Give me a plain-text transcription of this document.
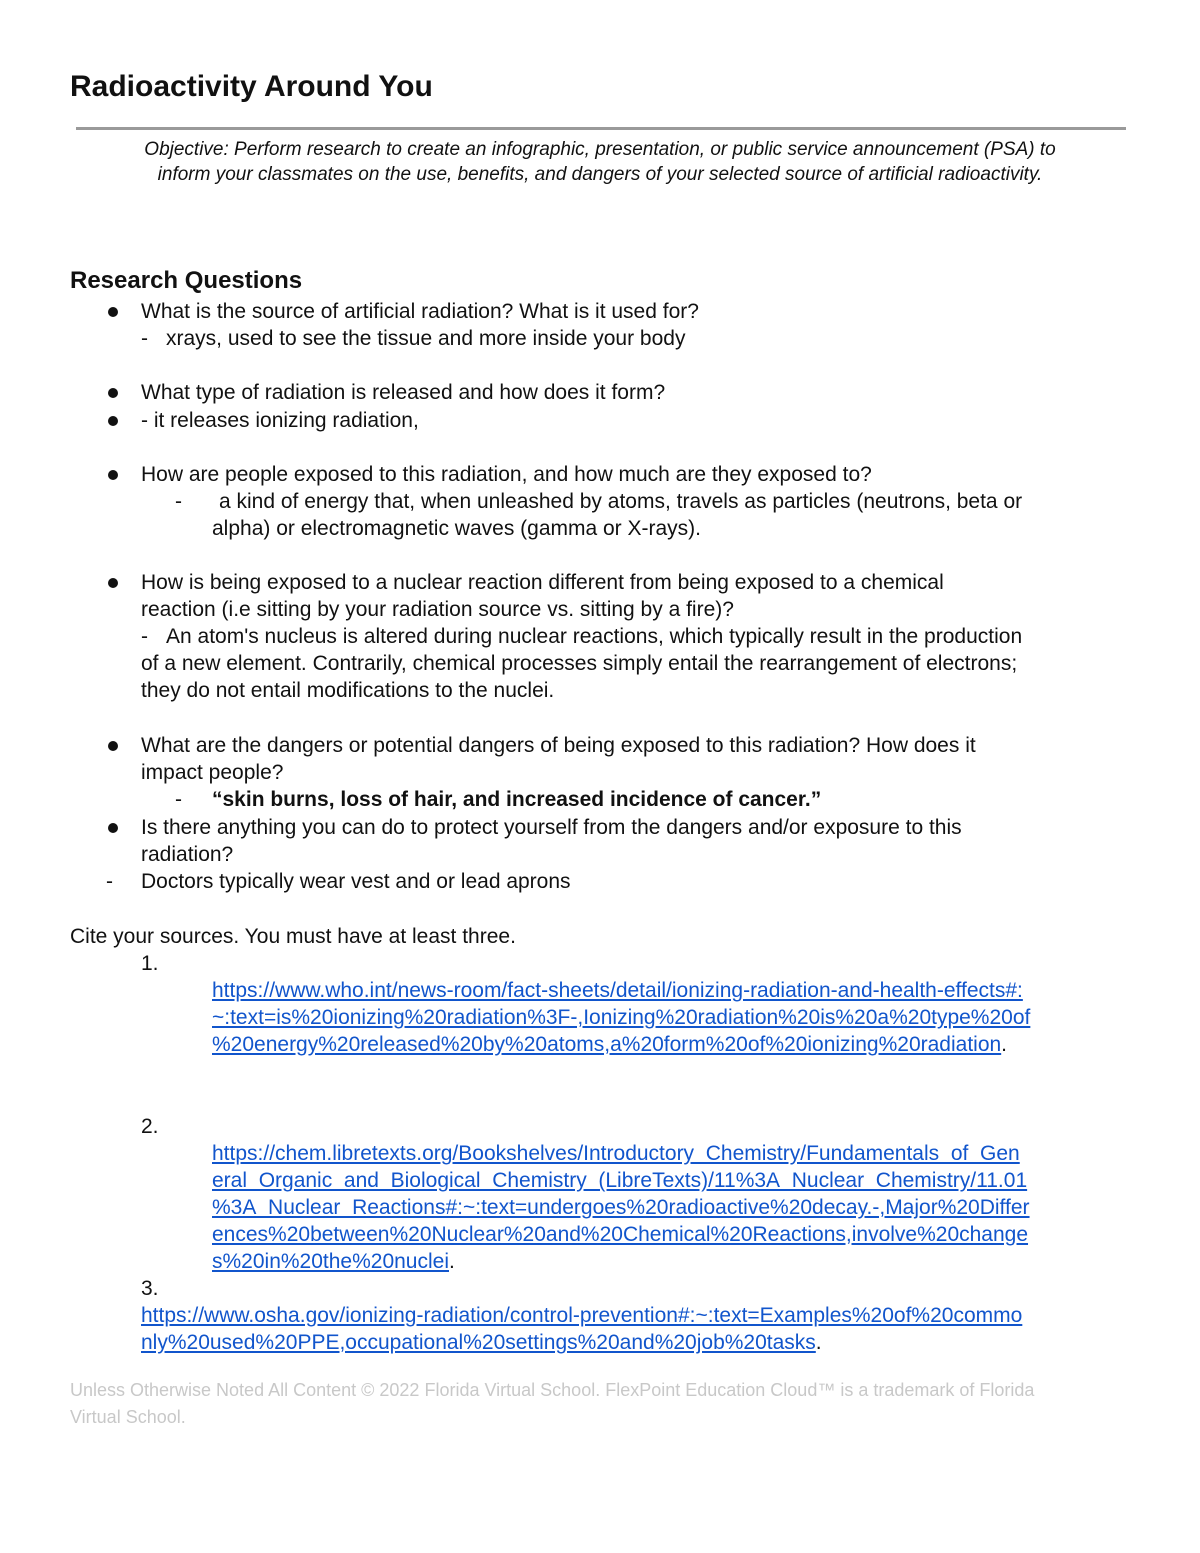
Radioactivity Around You
Objective: Perform research to create an infographic, presentation, or public service announcement (PSA) to
inform your classmates on the use, benefits, and dangers of your selected source of artificial radioactivity.
Research Questions

What is the source of artificial radiation? What is it used for?

- xrays, used to see the tissue and more inside your body

What type of radiation is released and how does it form?

- it releases ionizing radiation,

How are people exposed to this radiation, and how much are they exposed to?

- a kind of energy that, when unleashed by atoms, travels as particles (neutrons, beta or

alpha) or electromagnetic waves (gamma or X-rays).

How is being exposed to a nuclear reaction different from being exposed to a chemical

reaction (i.e sitting by your radiation source vs. sitting by a fire)?

- An atom's nucleus is altered during nuclear reactions, which typically result in the production

of a new element. Contrarily, chemical processes simply entail the rearrangement of electrons;

they do not entail modifications to the nuclei.

What are the dangers or potential dangers of being exposed to this radiation? How does it

impact people?

- “skin burns, loss of hair, and increased incidence of cancer.”

Is there anything you can do to protect yourself from the dangers and/or exposure to this

radiation?

- Doctors typically wear vest and or lead aprons

Cite your sources. You must have at least three.

1.

https://www.who.int/news-room/fact-sheets/detail/ionizing-radiation-and-health-effects#:
~:text=is%20ionizing%20radiation%3F-,Ionizing%20radiation%20is%20a%20type%20of
%20energy%20released%20by%20atoms,a%20form%20of%20ionizing%20radiation.

2.

https://chem.libretexts.org/Bookshelves/Introductory_Chemistry/Fundamentals_of_Gen
eral_Organic_and_Biological_Chemistry_(LibreTexts)/11%3A_Nuclear_Chemistry/11.01
%3A_Nuclear_Reactions#:~:text=undergoes%20radioactive%20decay.-,Major%20Differ
ences%20between%20Nuclear%20and%20Chemical%20Reactions,involve%20change
s%20in%20the%20nuclei.

3.

https://www.osha.gov/ionizing-radiation/control-prevention#:~:text=Examples%20of%20commo
nly%20used%20PPE,occupational%20settings%20and%20job%20tasks.
Unless Otherwise Noted All Content © 2022 Florida Virtual School. FlexPoint Education Cloud™ is a trademark of Florida
Virtual School.
